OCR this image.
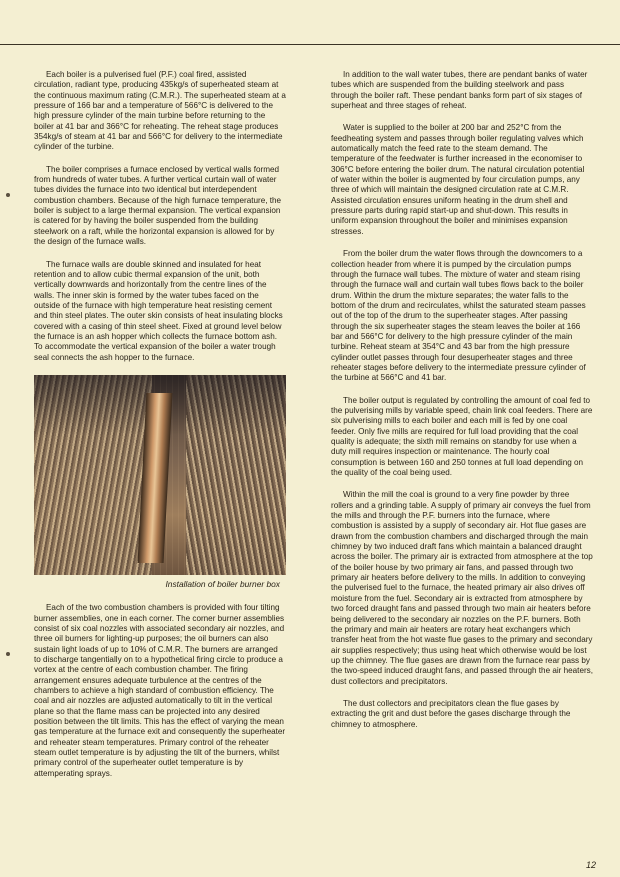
Each boiler is a pulverised fuel (P.F.) coal fired, assisted circulation, radiant type, producing 435kg/s of superheated steam at the continuous maximum rating (C.M.R.). The superheated steam at a pressure of 166 bar and a temperature of 566°C is delivered to the high pressure cylinder of the main turbine before returning to the boiler at 41 bar and 366°C for reheating. The reheat stage produces 354kg/s of steam at 41 bar and 566°C for delivery to the intermediate cylinder of the turbine.

The boiler comprises a furnace enclosed by vertical walls formed from hundreds of water tubes. A further vertical curtain wall of water tubes divides the furnace into two identical but interdependent combustion chambers. Because of the high furnace temperature, the boiler is subject to a large thermal expansion. The vertical expansion is catered for by having the boiler suspended from the building steelwork on a raft, while the horizontal expansion is allowed for by the design of the furnace walls.

The furnace walls are double skinned and insulated for heat retention and to allow cubic thermal expansion of the unit, both vertically downwards and horizontally from the centre lines of the walls. The inner skin is formed by the water tubes faced on the outside of the furnace with high temperature heat resisting cement and thin steel plates. The outer skin consists of heat insulating blocks covered with a casing of thin steel sheet. Fixed at ground level below the furnace is an ash hopper which collects the furnace bottom ash. To accommodate the vertical expansion of the boiler a water trough seal connects the ash hopper to the furnace.

Installation of boiler burner box

Each of the two combustion chambers is provided with four tilting burner assemblies, one in each corner. The corner burner assemblies consist of six coal nozzles with associated secondary air nozzles, and three oil burners for lighting-up purposes; the oil burners can also sustain light loads of up to 10% of C.M.R. The burners are arranged to discharge tangentially on to a hypothetical firing circle to produce a vortex at the centre of each combustion chamber. The firing arrangement ensures adequate turbulence at the centres of the chambers to achieve a high standard of combustion efficiency. The coal and air nozzles are adjusted automatically to tilt in the vertical plane so that the flame mass can be projected into any desired position between the tilt limits. This has the effect of varying the mean gas temperature at the furnace exit and consequently the superheater and reheater steam temperatures. Primary control of the reheater steam outlet temperature is by adjusting the tilt of the burners, whilst primary control of the superheater outlet temperature is by attemperating sprays.

In addition to the wall water tubes, there are pendant banks of water tubes which are suspended from the building steelwork and pass through the boiler raft. These pendant banks form part of six stages of superheat and three stages of reheat.

Water is supplied to the boiler at 200 bar and 252°C from the feedheating system and passes through boiler regulating valves which automatically match the feed rate to the steam demand. The temperature of the feedwater is further increased in the economiser to 306°C before entering the boiler drum. The natural circulation potential of water within the boiler is augmented by four circulation pumps, any three of which will maintain the designed circulation rate at C.M.R. Assisted circulation ensures uniform heating in the drum shell and pressure parts during rapid start-up and shut-down. This results in uniform expansion throughout the boiler and minimises expansion stresses.

From the boiler drum the water flows through the downcomers to a collection header from where it is pumped by the circulation pumps through the furnace wall tubes. The mixture of water and steam rising through the furnace wall and curtain wall tubes flows back to the boiler drum. Within the drum the mixture separates; the water falls to the bottom of the drum and recirculates, whilst the saturated steam passes out of the top of the drum to the superheater stages. After passing through the six superheater stages the steam leaves the boiler at 166 bar and 566°C for delivery to the high pressure cylinder of the main turbine. Reheat steam at 354°C and 43 bar from the high pressure cylinder outlet passes through four desuperheater stages and three reheater stages before delivery to the intermediate pressure cylinder of the turbine at 566°C and 41 bar.

The boiler output is regulated by controlling the amount of coal fed to the pulverising mills by variable speed, chain link coal feeders. There are six pulverising mills to each boiler and each mill is fed by one coal feeder. Only five mills are required for full load providing that the coal quality is adequate; the sixth mill remains on standby for use when a duty mill requires inspection or maintenance. The hourly coal consumption is between 160 and 250 tonnes at full load depending on the quality of the coal being used.

Within the mill the coal is ground to a very fine powder by three rollers and a grinding table. A supply of primary air conveys the fuel from the mills and through the P.F. burners into the furnace, where combustion is assisted by a supply of secondary air. Hot flue gases are drawn from the combustion chambers and discharged through the main chimney by two induced draft fans which maintain a balanced draught across the boiler. The primary air is extracted from atmosphere at the top of the boiler house by two primary air fans, and passed through two primary air heaters before delivery to the mills. In addition to conveying the pulverised fuel to the furnace, the heated primary air also drives off moisture from the fuel. Secondary air is extracted from atmosphere by two forced draught fans and passed through two main air heaters before being delivered to the secondary air nozzles on the P.F. burners. Both the primary and main air heaters are rotary heat exchangers which transfer heat from the hot waste flue gases to the primary and secondary air supplies respectively; thus using heat which otherwise would be lost up the chimney. The flue gases are drawn from the furnace rear pass by the two-speed induced draught fans, and passed through the air heaters, dust collectors and precipitators.

The dust collectors and precipitators clean the flue gases by extracting the grit and dust before the gases discharge through the chimney to atmosphere.

12
